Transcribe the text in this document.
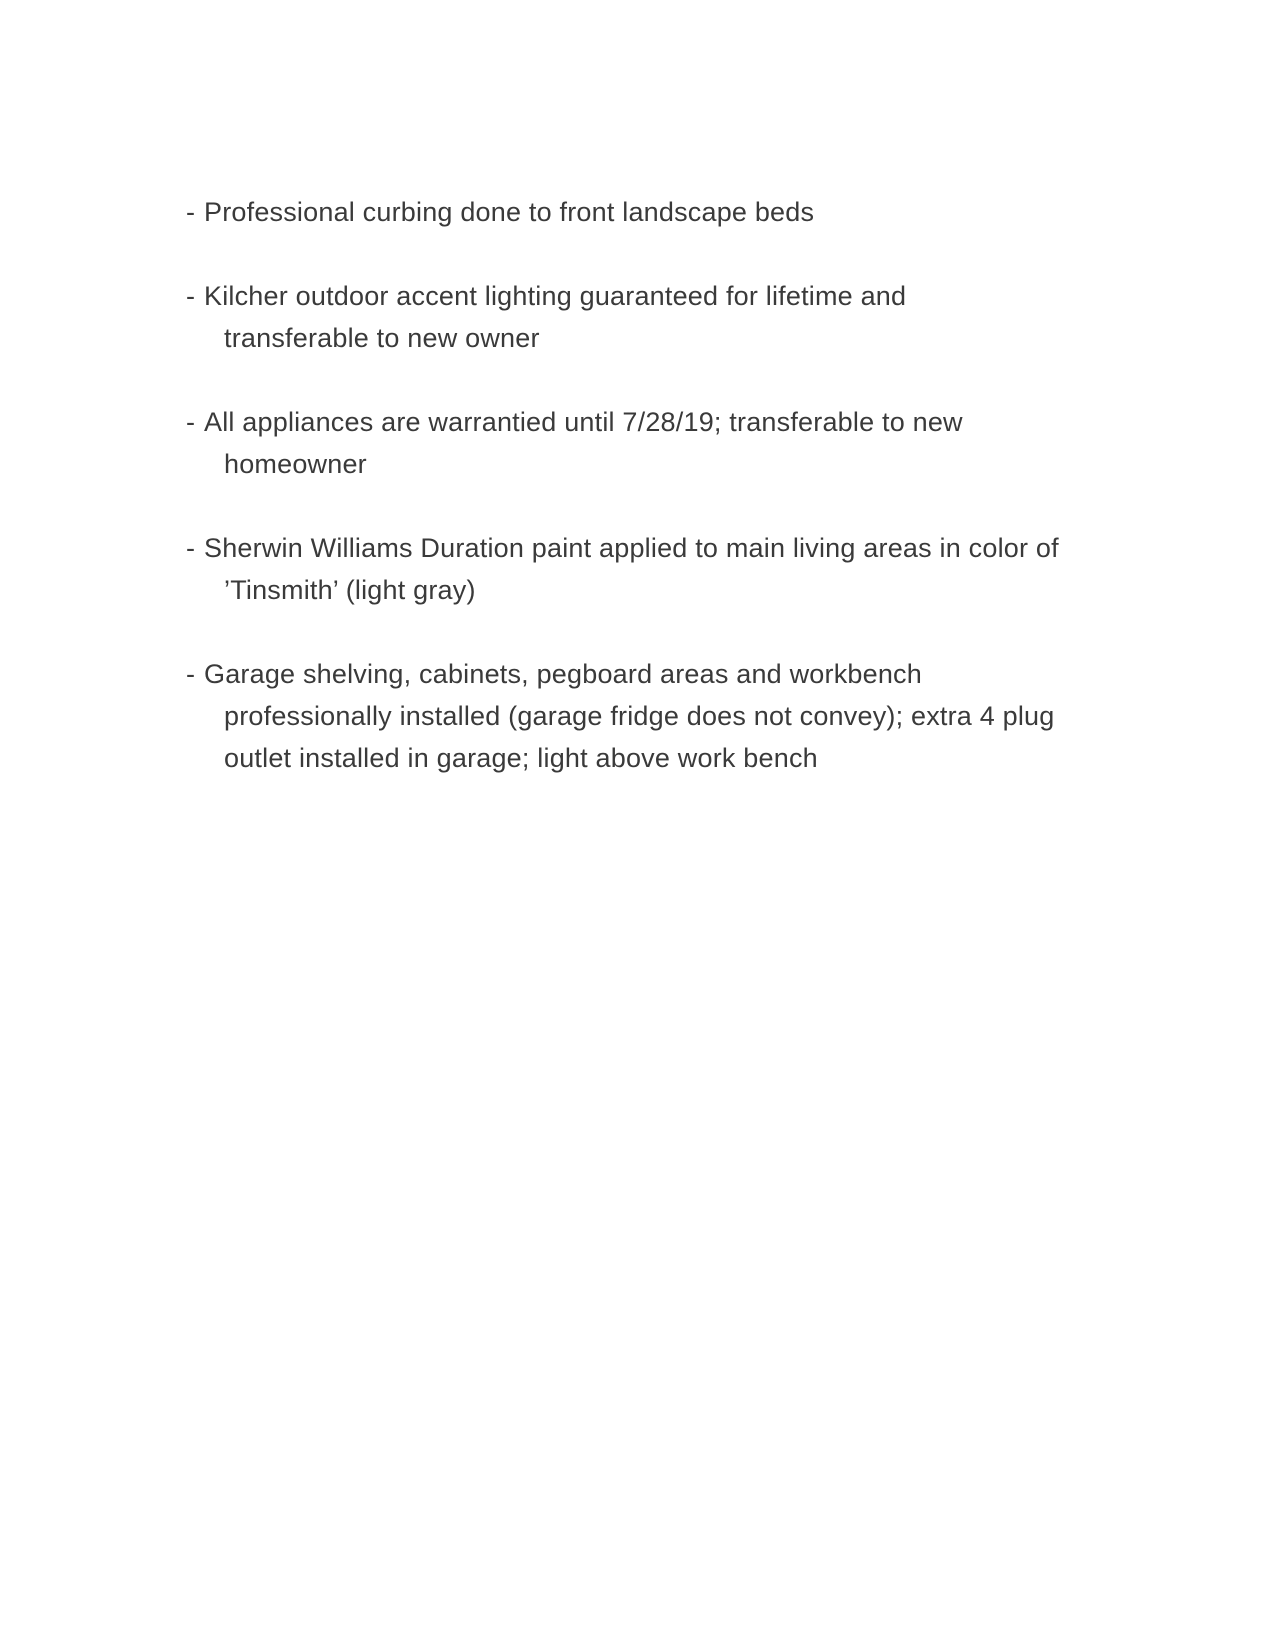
- Professional curbing done to front landscape beds
- Kilcher outdoor accent lighting guaranteed for lifetime and
transferable to new owner
- All appliances are warrantied until 7/28/19; transferable to new
homeowner
- Sherwin Williams Duration paint applied to main living areas in color of
’Tinsmith’ (light gray)
- Garage shelving, cabinets, pegboard areas and workbench
professionally installed (garage fridge does not convey); extra 4 plug
outlet installed in garage; light above work bench
